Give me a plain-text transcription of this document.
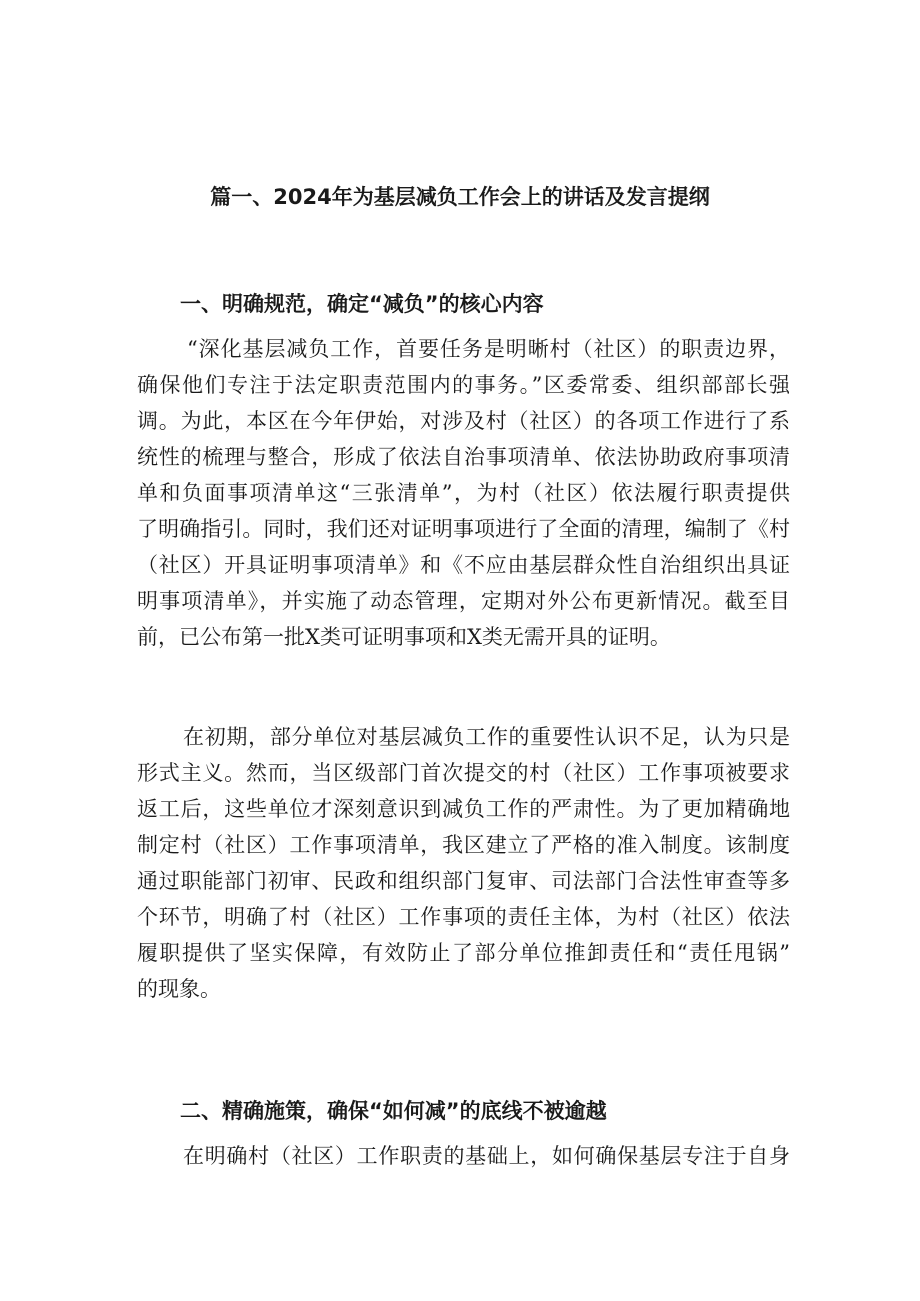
篇一、2024年为基层减负工作会上的讲话及发言提纲
一、明确规范，确定“减负”的核心内容
“深化基层减负工作，首要任务是明晰村（社区）的职责边界，
确保他们专注于法定职责范围内的事务。”区委常委、组织部部长强
调。为此，本区在今年伊始，对涉及村（社区）的各项工作进行了系
统性的梳理与整合，形成了依法自治事项清单、依法协助政府事项清
单和负面事项清单这“三张清单”，为村（社区）依法履行职责提供
了明确指引。同时，我们还对证明事项进行了全面的清理，编制了《村
（社区）开具证明事项清单》和《不应由基层群众性自治组织出具证
明事项清单》，并实施了动态管理，定期对外公布更新情况。截至目
前，已公布第一批X类可证明事项和X类无需开具的证明。
在初期，部分单位对基层减负工作的重要性认识不足，认为只是
形式主义。然而，当区级部门首次提交的村（社区）工作事项被要求
返工后，这些单位才深刻意识到减负工作的严肃性。为了更加精确地
制定村（社区）工作事项清单，我区建立了严格的准入制度。该制度
通过职能部门初审、民政和组织部门复审、司法部门合法性审查等多
个环节，明确了村（社区）工作事项的责任主体，为村（社区）依法
履职提供了坚实保障，有效防止了部分单位推卸责任和“责任甩锅”
的现象。
二、精确施策，确保“如何减”的底线不被逾越
在明确村（社区）工作职责的基础上，如何确保基层专注于自身
